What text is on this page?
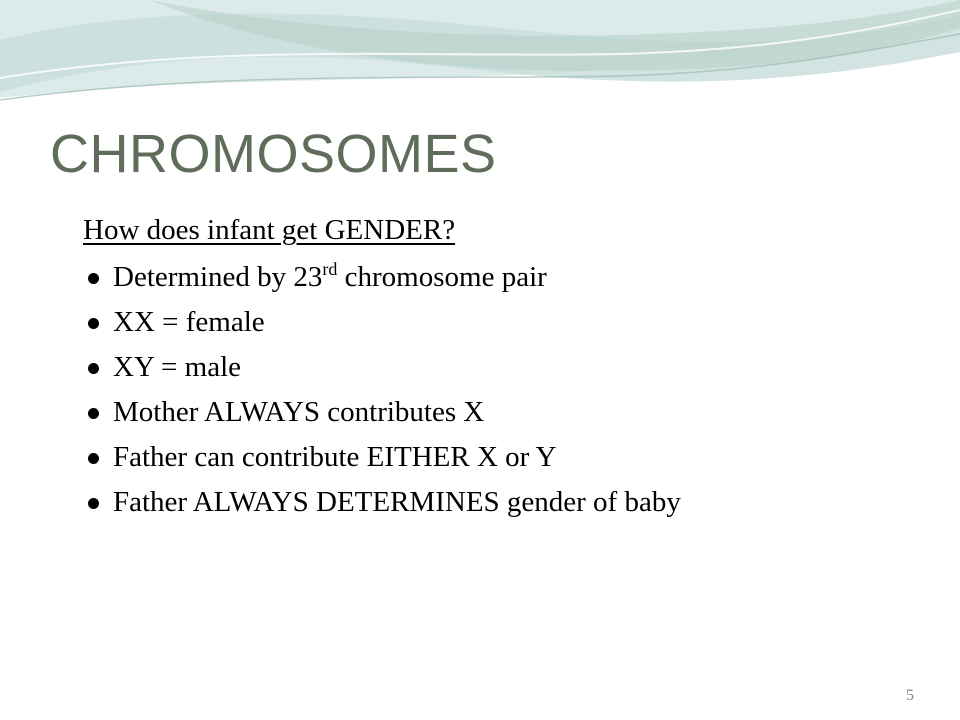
CHROMOSOMES

How does infant get GENDER?

Determined by 23rd chromosome pair
XX = female
XY = male
Mother ALWAYS contributes X
Father can contribute EITHER X or Y
Father ALWAYS DETERMINES gender of baby
5
